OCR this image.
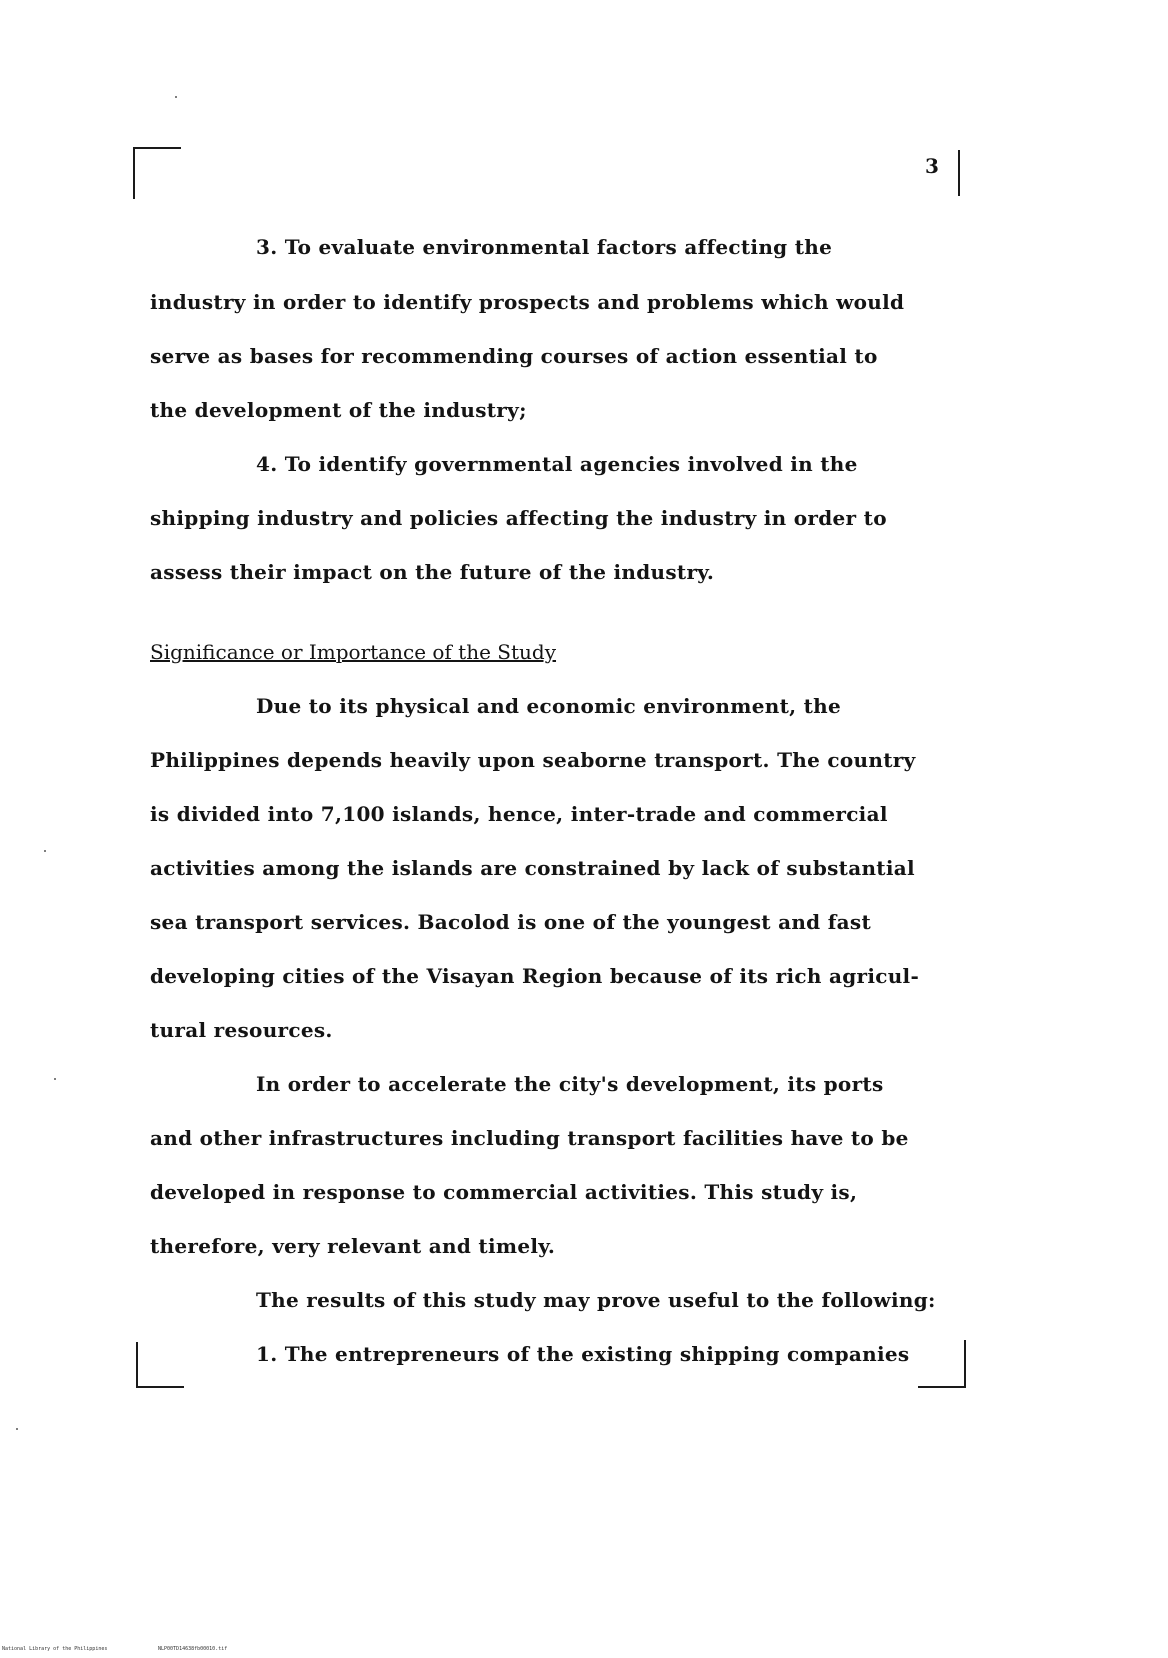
3
3. To evaluate environmental factors affecting the
industry in order to identify prospects and problems which would
serve as bases for recommending courses of action essential to
the development of the industry;
4. To identify governmental agencies involved in the
shipping industry and policies affecting the industry in order to
assess their impact on the future of the industry.
Significance or Importance of the Study
Due to its physical and economic environment, the
Philippines depends heavily upon seaborne transport. The country
is divided into 7,100 islands, hence, inter-trade and commercial
activities among the islands are constrained by lack of substantial
sea transport services. Bacolod is one of the youngest and fast
developing cities of the Visayan Region because of its rich agricul-
tural resources.
In order to accelerate the city's development, its ports
and other infrastructures including transport facilities have to be
developed in response to commercial activities. This study is,
therefore, very relevant and timely.
The results of this study may prove useful to the following:
1. The entrepreneurs of the existing shipping companies
National Library of the Philippines	NLP00TD14638fb00010.tif
